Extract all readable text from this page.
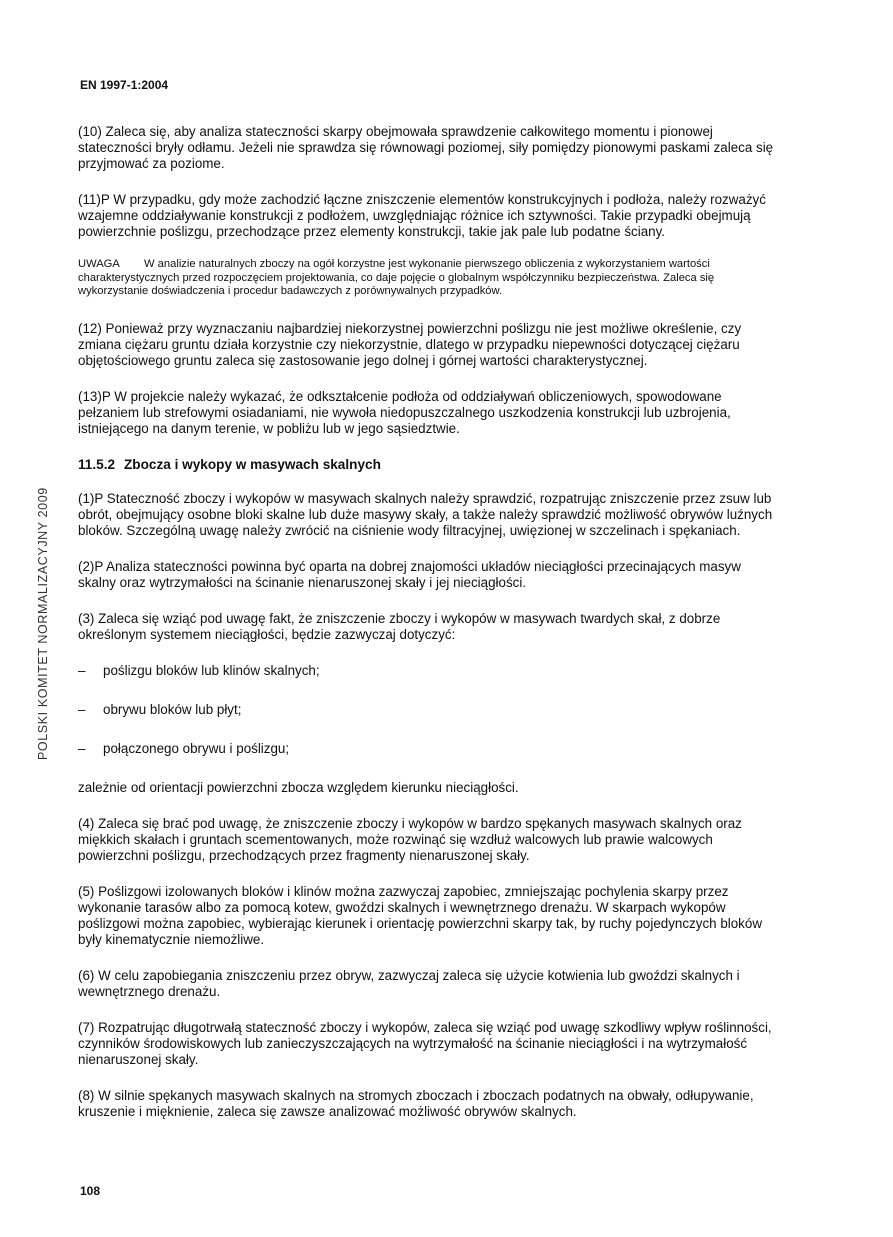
EN 1997-1:2004
POLSKI KOMITET NORMALIZACYJNY 2009

(10) Zaleca się, aby analiza stateczności skarpy obejmowała sprawdzenie całkowitego momentu i pionowej stateczności bryły odłamu. Jeżeli nie sprawdza się równowagi poziomej, siły pomiędzy pionowymi paskami zaleca się przyjmować za poziome.

(11)P W przypadku, gdy może zachodzić łączne zniszczenie elementów konstrukcyjnych i podłoża, należy rozważyć wzajemne oddziaływanie konstrukcji z podłożem, uwzględniając różnice ich sztywności. Takie przypadki obejmują powierzchnie poślizgu, przechodzące przez elementy konstrukcji, takie jak pale lub podatne ściany.

UWAGA W analizie naturalnych zboczy na ogół korzystne jest wykonanie pierwszego obliczenia z wykorzystaniem wartości charakterystycznych przed rozpoczęciem projektowania, co daje pojęcie o globalnym współczynniku bezpieczeństwa. Zaleca się wykorzystanie doświadczenia i procedur badawczych z porównywalnych przypadków.

(12) Ponieważ przy wyznaczaniu najbardziej niekorzystnej powierzchni poślizgu nie jest możliwe określenie, czy zmiana ciężaru gruntu działa korzystnie czy niekorzystnie, dlatego w przypadku niepewności dotyczącej ciężaru objętościowego gruntu zaleca się zastosowanie jego dolnej i górnej wartości charakterystycznej.

(13)P W projekcie należy wykazać, że odkształcenie podłoża od oddziaływań obliczeniowych, spowodowane pełzaniem lub strefowymi osiadaniami, nie wywoła niedopuszczalnego uszkodzenia konstrukcji lub uzbrojenia, istniejącego na danym terenie, w pobliżu lub w jego sąsiedztwie.

11.5.2 Zbocza i wykopy w masywach skalnych

(1)P Stateczność zboczy i wykopów w masywach skalnych należy sprawdzić, rozpatrując zniszczenie przez zsuw lub obrót, obejmujący osobne bloki skalne lub duże masywy skały, a także należy sprawdzić możliwość obrywów luźnych bloków. Szczególną uwagę należy zwrócić na ciśnienie wody filtracyjnej, uwięzionej w szczelinach i spękaniach.

(2)P Analiza stateczności powinna być oparta na dobrej znajomości układów nieciągłości przecinających masyw skalny oraz wytrzymałości na ścinanie nienaruszonej skały i jej nieciągłości.

(3) Zaleca się wziąć pod uwagę fakt, że zniszczenie zboczy i wykopów w masywach twardych skał, z dobrze określonym systemem nieciągłości, będzie zazwyczaj dotyczyć:

–	poślizgu bloków lub klinów skalnych;
–	obrywu bloków lub płyt;
–	połączonego obrywu i poślizgu;

zależnie od orientacji powierzchni zbocza względem kierunku nieciągłości.

(4) Zaleca się brać pod uwagę, że zniszczenie zboczy i wykopów w bardzo spękanych masywach skalnych oraz miękkich skałach i gruntach scementowanych, może rozwinąć się wzdłuż walcowych lub prawie walcowych powierzchni poślizgu, przechodzących przez fragmenty nienaruszonej skały.

(5) Poślizgowi izolowanych bloków i klinów można zazwyczaj zapobiec, zmniejszając pochylenia skarpy przez wykonanie tarasów albo za pomocą kotew, gwoździ skalnych i wewnętrznego drenażu. W skarpach wykopów poślizgowi można zapobiec, wybierając kierunek i orientację powierzchni skarpy tak, by ruchy pojedynczych bloków były kinematycznie niemożliwe.

(6) W celu zapobiegania zniszczeniu przez obryw, zazwyczaj zaleca się użycie kotwienia lub gwoździ skalnych i wewnętrznego drenażu.

(7) Rozpatrując długotrwałą stateczność zboczy i wykopów, zaleca się wziąć pod uwagę szkodliwy wpływ roślinności, czynników środowiskowych lub zanieczyszczających na wytrzymałość na ścinanie nieciągłości i na wytrzymałość nienaruszonej skały.

(8) W silnie spękanych masywach skalnych na stromych zboczach i zboczach podatnych na obwały, odłupywanie, kruszenie i mięknienie, zaleca się zawsze analizować możliwość obrywów skalnych.

108
